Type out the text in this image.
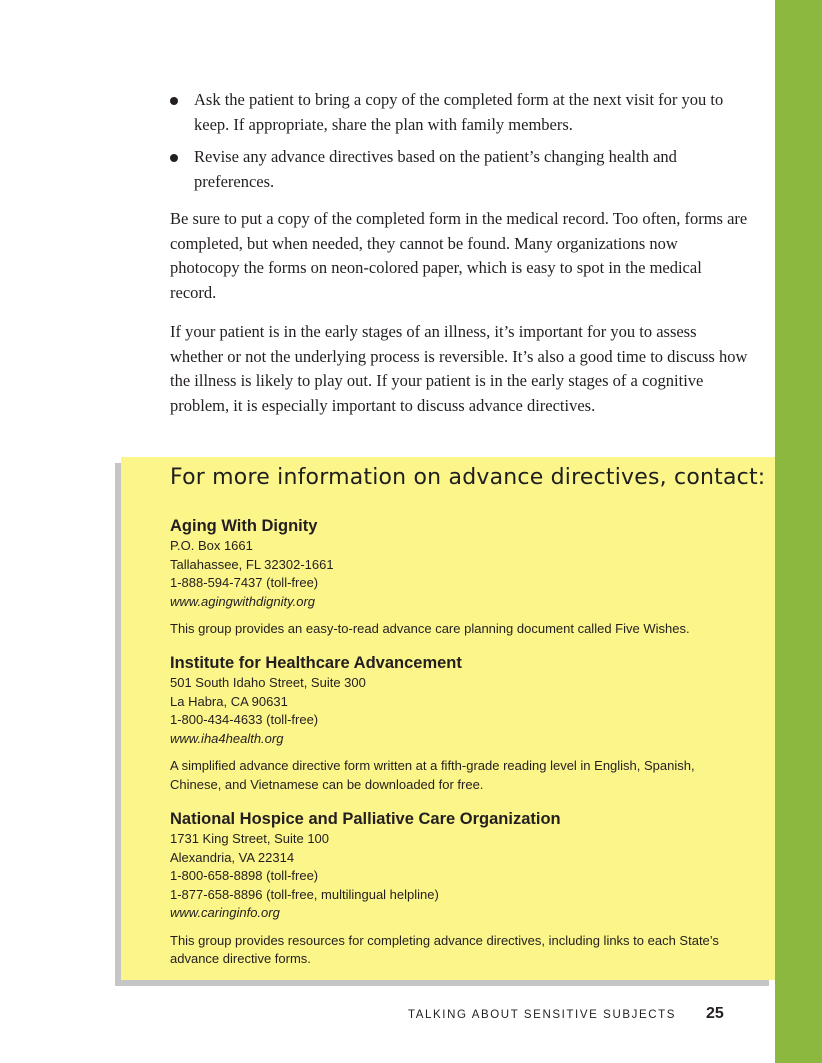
Ask the patient to bring a copy of the completed form at the next visit for you to keep. If appropriate, share the plan with family members.
Revise any advance directives based on the patient’s changing health and preferences.

Be sure to put a copy of the completed form in the medical record. Too often, forms are completed, but when needed, they cannot be found. Many organizations now photocopy the forms on neon-colored paper, which is easy to spot in the medical record.

If your patient is in the early stages of an illness, it’s important for you to assess whether or not the underlying process is reversible. It’s also a good time to discuss how the illness is likely to play out. If your patient is in the early stages of a cognitive problem, it is especially important to discuss advance directives.

For more information on advance directives, contact:

Aging With Dignity

P.O. Box 1661

Tallahassee, FL 32302-1661

1-888-594-7437 (toll-free)

www.agingwithdignity.org

This group provides an easy-to-read advance care planning document called Five Wishes.

Institute for Healthcare Advancement

501 South Idaho Street, Suite 300

La Habra, CA 90631

1-800-434-4633 (toll-free)

www.iha4health.org

A simplified advance directive form written at a fifth-grade reading level in English, Spanish, Chinese, and Vietnamese can be downloaded for free.

National Hospice and Palliative Care Organization

1731 King Street, Suite 100

Alexandria, VA 22314

1-800-658-8898 (toll-free)

1-877-658-8896 (toll-free, multilingual helpline)

www.caringinfo.org

This group provides resources for completing advance directives, including links to each State’s advance directive forms.

TALKING ABOUT SENSITIVE SUBJECTS 25
